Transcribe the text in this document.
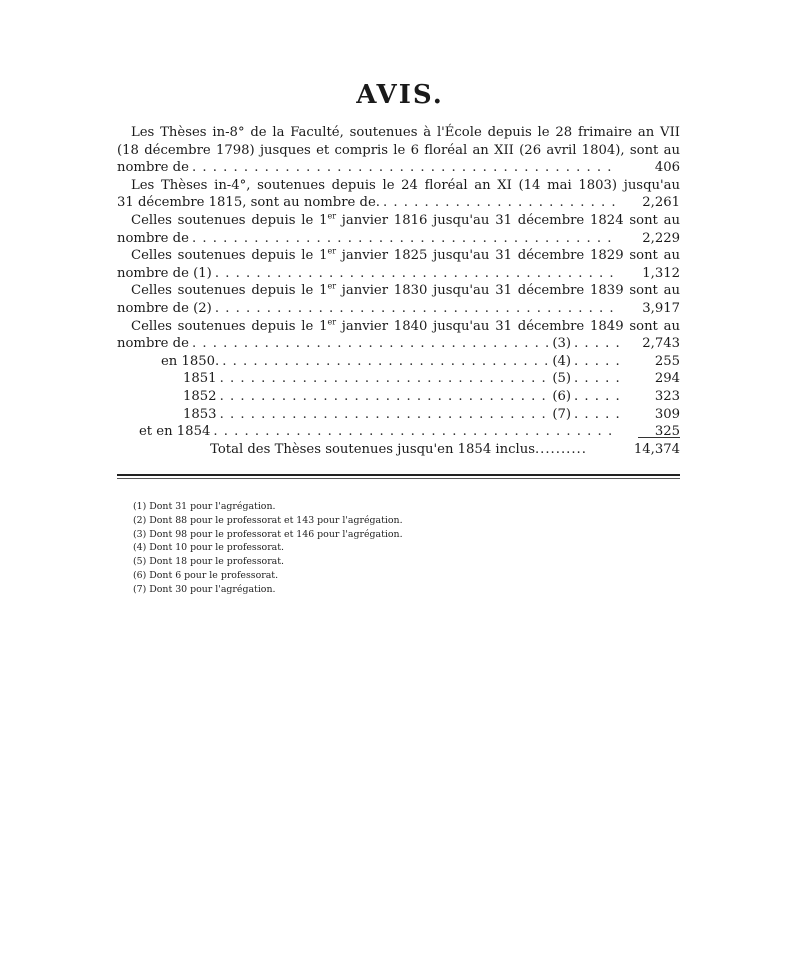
AVIS.
Les Thèses in-8° de la Faculté, soutenues à l'École depuis le 28 frimaire an VII
(18 décembre 1798) jusques et compris le 6 floréal an XII (26 avril 1804), sont au
nombre de . . .	406
Les Thèses in-4°, soutenues depuis le 24 floréal an XI (14 mai 1803) jusqu'au
31 décembre 1815, sont au nombre de. . . .	2,261
Celles soutenues depuis le 1er janvier 1816 jusqu'au 31 décembre 1824 sont au
nombre de . . .	2,229
Celles soutenues depuis le 1er janvier 1825 jusqu'au 31 décembre 1829 sont au
nombre de (1) . . .	1,312
Celles soutenues depuis le 1er janvier 1830 jusqu'au 31 décembre 1839 sont au
nombre de (2) . . .	3,917
Celles soutenues depuis le 1er janvier 1840 jusqu'au 31 décembre 1849 sont au
nombre de . . .	(3) . . .	2,743
en 1850. . . .	(4) . . .	255
1851 . . .	(5) . . .	294
1852 . . .	(6) . . .	323
1853 . . .	(7) . . .	309
et en 1854 . . .	325
Total des Thèses soutenues jusqu'en 1854 inclus..........	14,374
(1) Dont 31 pour l'agrégation.
(2) Dont 88 pour le professorat et 143 pour l'agrégation.
(3) Dont 98 pour le professorat et 146 pour l'agrégation.
(4) Dont 10 pour le professorat.
(5) Dont 18 pour le professorat.
(6) Dont 6 pour le professorat.
(7) Dont 30 pour l'agrégation.
